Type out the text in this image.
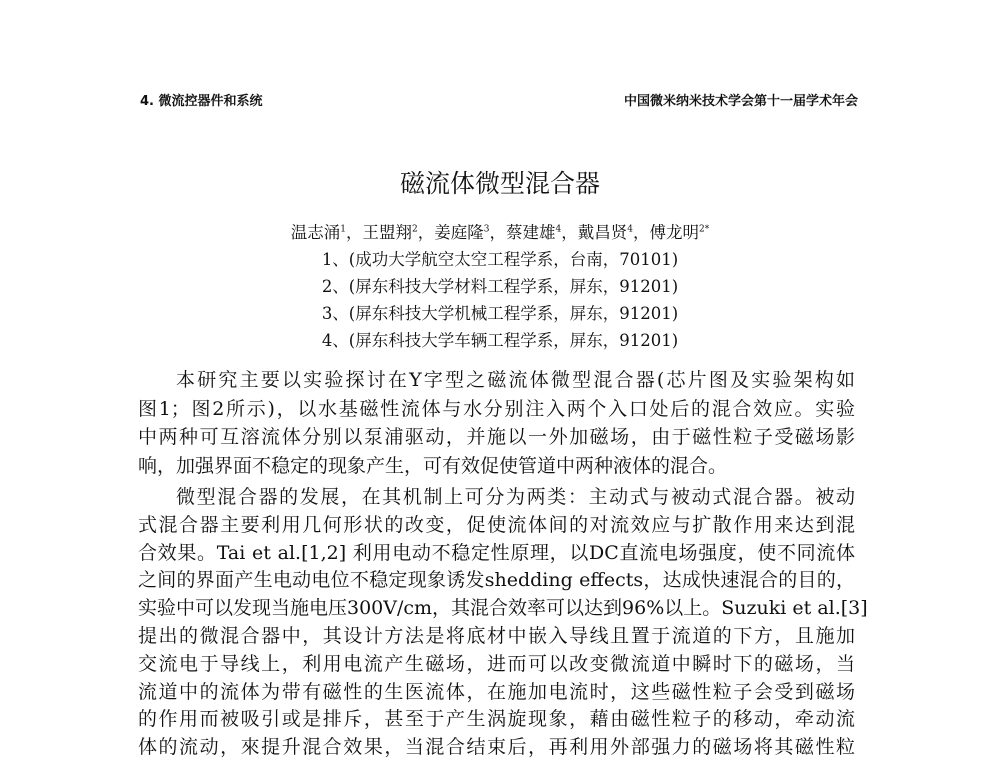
4. 微流控器件和系统	中国微米纳米技术学会第十一届学术年会
磁流体微型混合器
温志涌$^1$，王盟翔$^2$，姜庭隆$^3$，蔡建雄$^4$，戴昌贤$^4$，傅龙明$^{2*}$
1、(成功大学航空太空工程学系，台南，70101)
2、(屏东科技大学材料工程学系，屏东，91201)
3、(屏东科技大学机械工程学系，屏东，91201)
4、(屏东科技大学车辆工程学系，屏东，91201)
本研究主要以实验探讨在Y字型之磁流体微型混合器(芯片图及实验架构如
图1；图2所示)，以水基磁性流体与水分别注入两个入口处后的混合效应。实验
中两种可互溶流体分别以泵浦驱动，并施以一外加磁场，由于磁性粒子受磁场影
响，加强界面不稳定的现象产生，可有效促使管道中两种液体的混合。
微型混合器的发展，在其机制上可分为两类：主动式与被动式混合器。被动
式混合器主要利用几何形状的改变，促使流体间的对流效应与扩散作用来达到混
合效果。Tai et al.[1,2] 利用电动不稳定性原理，以DC直流电场强度，使不同流体
之间的界面产生电动电位不稳定现象诱发shedding effects，达成快速混合的目的，
实验中可以发现当施电压300V/cm，其混合效率可以达到96%以上。Suzuki et al.[3]
提出的微混合器中，其设计方法是将底材中嵌入导线且置于流道的下方，且施加
交流电于导线上，利用电流产生磁场，进而可以改变微流道中瞬时下的磁场，当
流道中的流体为带有磁性的生医流体，在施加电流时，这些磁性粒子会受到磁场
的作用而被吸引或是排斥，甚至于产生涡旋现象，藉由磁性粒子的移动，牵动流
体的流动，來提升混合效果，当混合结束后，再利用外部强力的磁场将其磁性粒
